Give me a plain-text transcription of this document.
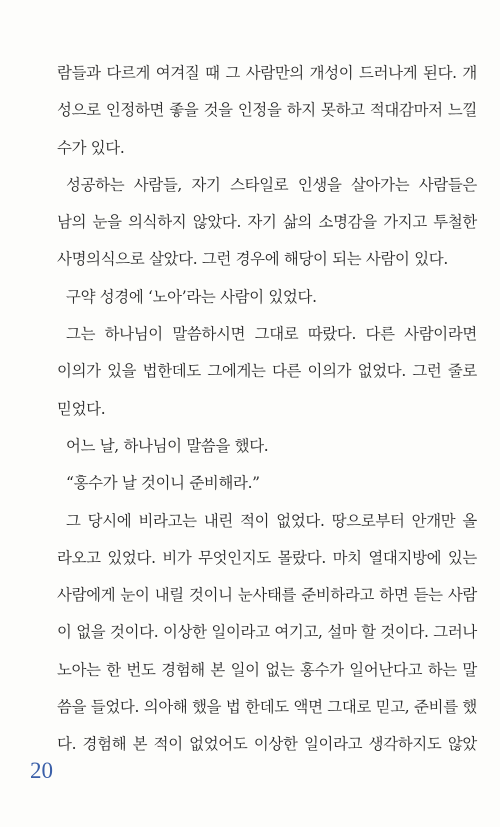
람들과 다르게 여겨질 때 그 사람만의 개성이 드러나게 된다. 개
성으로 인정하면 좋을 것을 인정을 하지 못하고 적대감마저 느낄
수가 있다.
성공하는 사람들, 자기 스타일로 인생을 살아가는 사람들은
남의 눈을 의식하지 않았다. 자기 삶의 소명감을 가지고 투철한
사명의식으로 살았다. 그런 경우에 해당이 되는 사람이 있다.
구약 성경에 ‘노아’라는 사람이 있었다.
그는 하나님이 말씀하시면 그대로 따랐다. 다른 사람이라면
이의가 있을 법한데도 그에게는 다른 이의가 없었다. 그런 줄로
믿었다.
어느 날, 하나님이 말씀을 했다.
“홍수가 날 것이니 준비해라.”
그 당시에 비라고는 내린 적이 없었다. 땅으로부터 안개만 올
라오고 있었다. 비가 무엇인지도 몰랐다. 마치 열대지방에 있는
사람에게 눈이 내릴 것이니 눈사태를 준비하라고 하면 듣는 사람
이 없을 것이다. 이상한 일이라고 여기고, 설마 할 것이다. 그러나
노아는 한 번도 경험해 본 일이 없는 홍수가 일어난다고 하는 말
씀을 들었다. 의아해 했을 법 한데도 액면 그대로 믿고, 준비를 했
다. 경험해 본 적이 없었어도 이상한 일이라고 생각하지도 않았
20
